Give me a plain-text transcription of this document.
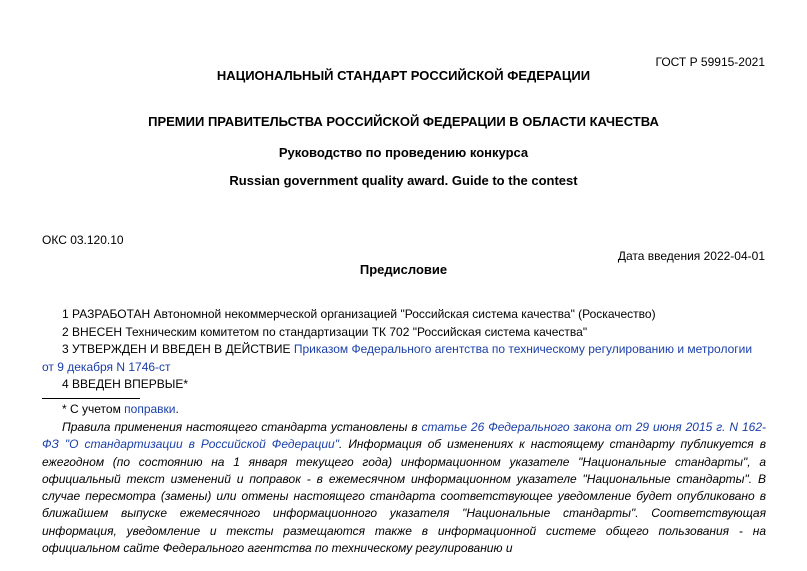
ГОСТ Р 59915-2021
НАЦИОНАЛЬНЫЙ СТАНДАРТ РОССИЙСКОЙ ФЕДЕРАЦИИ
ПРЕМИИ ПРАВИТЕЛЬСТВА РОССИЙСКОЙ ФЕДЕРАЦИИ В ОБЛАСТИ КАЧЕСТВА
Руководство по проведению конкурса
Russian government quality award. Guide to the contest
ОКС 03.120.10
Дата введения 2022-04-01
Предисловие

1 РАЗРАБОТАН Автономной некоммерческой организацией "Российская система качества" (Роскачество)

2 ВНЕСЕН Техническим комитетом по стандартизации ТК 702 "Российская система качества"

3 УТВЕРЖДЕН И ВВЕДЕН В ДЕЙСТВИЕ Приказом Федерального агентства по техническому регулированию и метрологии от 9 декабря N 1746-ст

4 ВВЕДЕН ВПЕРВЫЕ*

* С учетом поправки.
Правила применения настоящего стандарта установлены в статье 26 Федерального закона от 29 июня 2015 г. N 162-ФЗ "О стандартизации в Российской Федерации". Информация об изменениях к настоящему стандарту публикуется в ежегодном (по состоянию на 1 января текущего года) информационном указателе "Национальные стандарты", а официальный текст изменений и поправок - в ежемесячном информационном указателе "Национальные стандарты". В случае пересмотра (замены) или отмены настоящего стандарта соответствующее уведомление будет опубликовано в ближайшем выпуске ежемесячного информационного указателя "Национальные стандарты". Соответствующая информация, уведомление и тексты размещаются также в информационной системе общего пользования - на официальном сайте Федерального агентства по техническому регулированию и
